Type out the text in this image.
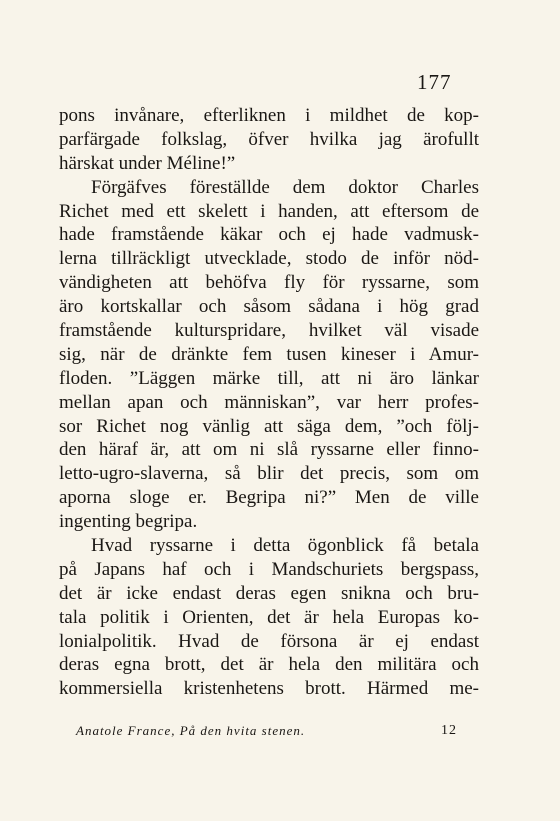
177
pons invånare, efterliknen i mildhet de kop-
parfärgade folkslag, öfver hvilka jag ärofullt
härskat under Méline!”
Förgäfves föreställde dem doktor Charles
Richet med ett skelett i handen, att eftersom de
hade framstående käkar och ej hade vadmusk-
lerna tillräckligt utvecklade, stodo de inför nöd-
vändigheten att behöfva fly för ryssarne, som
äro kortskallar och såsom sådana i hög grad
framstående kulturspridare, hvilket väl visade
sig, när de dränkte fem tusen kineser i Amur-
floden. ”Läggen märke till, att ni äro länkar
mellan apan och människan”, var herr profes-
sor Richet nog vänlig att säga dem, ”och följ-
den häraf är, att om ni slå ryssarne eller finno-
letto-ugro-slaverna, så blir det precis, som om
aporna sloge er. Begripa ni?” Men de ville
ingenting begripa.
Hvad ryssarne i detta ögonblick få betala
på Japans haf och i Mandschuriets bergspass,
det är icke endast deras egen snikna och bru-
tala politik i Orienten, det är hela Europas ko-
lonialpolitik. Hvad de försona är ej endast
deras egna brott, det är hela den militära och
kommersiella kristenhetens brott. Härmed me-
Anatole France, På den hvita stenen.	12
